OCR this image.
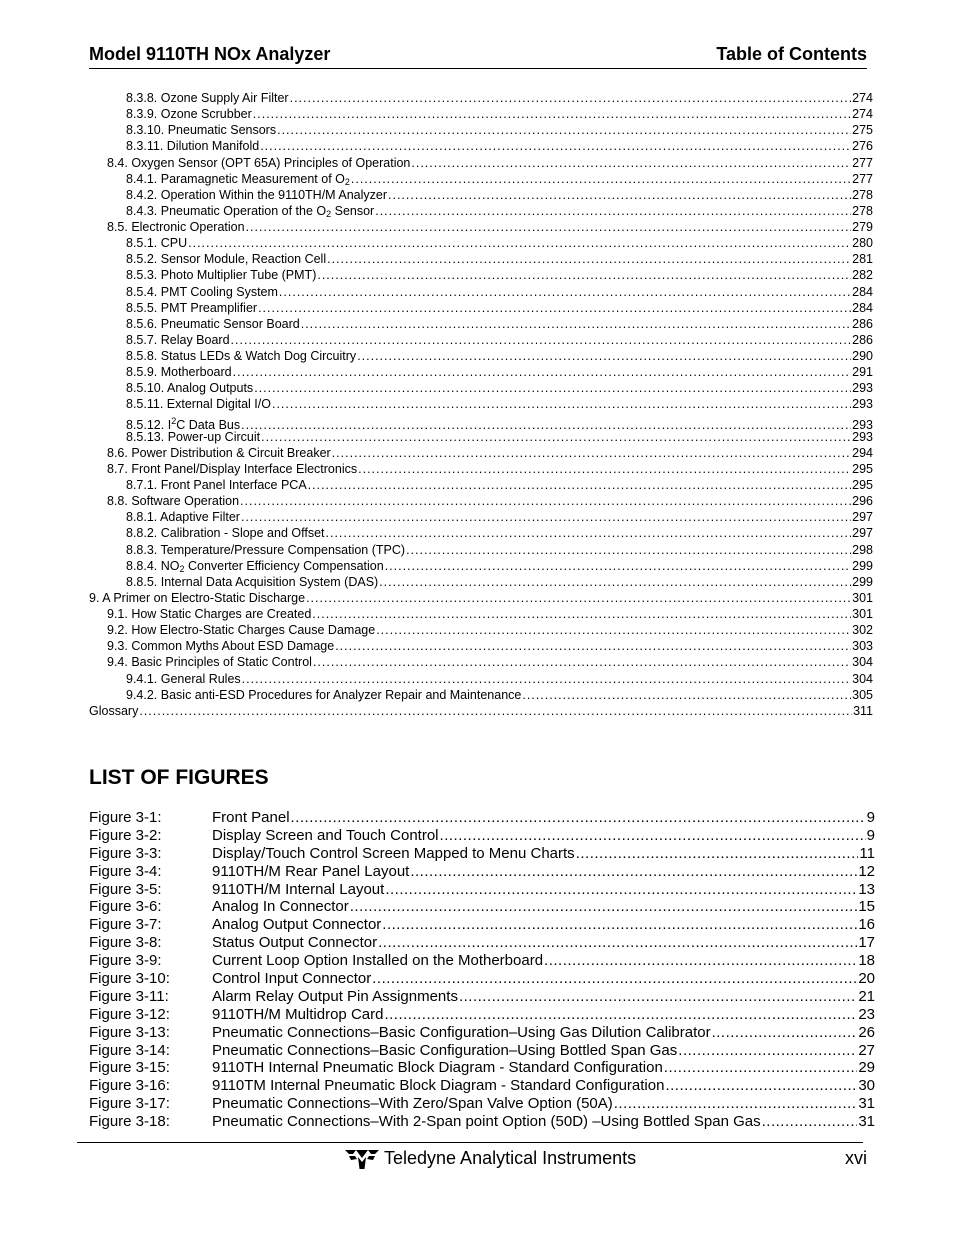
Model 9110TH NOx Analyzer	Table of Contents
8.3.8. Ozone Supply Air Filter .....	274
8.3.9. Ozone Scrubber .....	274
8.3.10. Pneumatic Sensors .....	275
8.3.11. Dilution Manifold .....	276
8.4. Oxygen Sensor (OPT 65A) Principles of Operation .....	277
8.4.1. Paramagnetic Measurement of $O_2$ .....	277
8.4.2. Operation Within the 9110TH/M Analyzer .....	278
8.4.3. Pneumatic Operation of the $O_2$ Sensor .....	278
8.5. Electronic Operation .....	279
8.5.1. CPU .....	280
8.5.2. Sensor Module, Reaction Cell .....	281
8.5.3. Photo Multiplier Tube (PMT) .....	282
8.5.4. PMT Cooling System .....	284
8.5.5. PMT Preamplifier .....	284
8.5.6. Pneumatic Sensor Board .....	286
8.5.7. Relay Board .....	286
8.5.8. Status LEDs & Watch Dog Circuitry .....	290
8.5.9. Motherboard .....	291
8.5.10. Analog Outputs .....	293
8.5.11. External Digital I/O .....	293
8.5.12. $I^2C$ Data Bus .....	293
8.5.13. Power-up Circuit .....	293
8.6. Power Distribution & Circuit Breaker .....	294
8.7. Front Panel/Display Interface Electronics .....	295
8.7.1. Front Panel Interface PCA .....	295
8.8. Software Operation .....	296
8.8.1. Adaptive Filter .....	297
8.8.2. Calibration - Slope and Offset .....	297
8.8.3. Temperature/Pressure Compensation (TPC) .....	298
8.8.4. $NO_2$ Converter Efficiency Compensation .....	299
8.8.5. Internal Data Acquisition System (DAS) .....	299
9. A Primer on Electro-Static Discharge .....	301
9.1. How Static Charges are Created .....	301
9.2. How Electro-Static Charges Cause Damage .....	302
9.3. Common Myths About ESD Damage .....	303
9.4. Basic Principles of Static Control .....	304
9.4.1. General Rules .....	304
9.4.2. Basic anti-ESD Procedures for Analyzer Repair and Maintenance .....	305
Glossary .....	311
LIST OF FIGURES
Figure 3-1:	Front Panel .....	9
Figure 3-2:	Display Screen and Touch Control .....	9
Figure 3-3:	Display/Touch Control Screen Mapped to Menu Charts .....	11
Figure 3-4:	9110TH/M Rear Panel Layout .....	12
Figure 3-5:	9110TH/M Internal Layout .....	13
Figure 3-6:	Analog In Connector .....	15
Figure 3-7:	Analog Output Connector .....	16
Figure 3-8:	Status Output Connector .....	17
Figure 3-9:	Current Loop Option Installed on the Motherboard .....	18
Figure 3-10:	Control Input Connector .....	20
Figure 3-11:	Alarm Relay Output Pin Assignments .....	21
Figure 3-12:	9110TH/M Multidrop Card .....	23
Figure 3-13:	Pneumatic Connections–Basic Configuration–Using Gas Dilution Calibrator .....	26
Figure 3-14:	Pneumatic Connections–Basic Configuration–Using Bottled Span Gas .....	27
Figure 3-15:	9110TH Internal Pneumatic Block Diagram - Standard Configuration .....	29
Figure 3-16:	9110TM Internal Pneumatic Block Diagram - Standard Configuration .....	30
Figure 3-17:	Pneumatic Connections–With Zero/Span Valve Option (50A) .....	31
Figure 3-18:	Pneumatic Connections–With 2-Span point Option (50D) –Using Bottled Span Gas .....	31
Teledyne Analytical Instruments	xvi
